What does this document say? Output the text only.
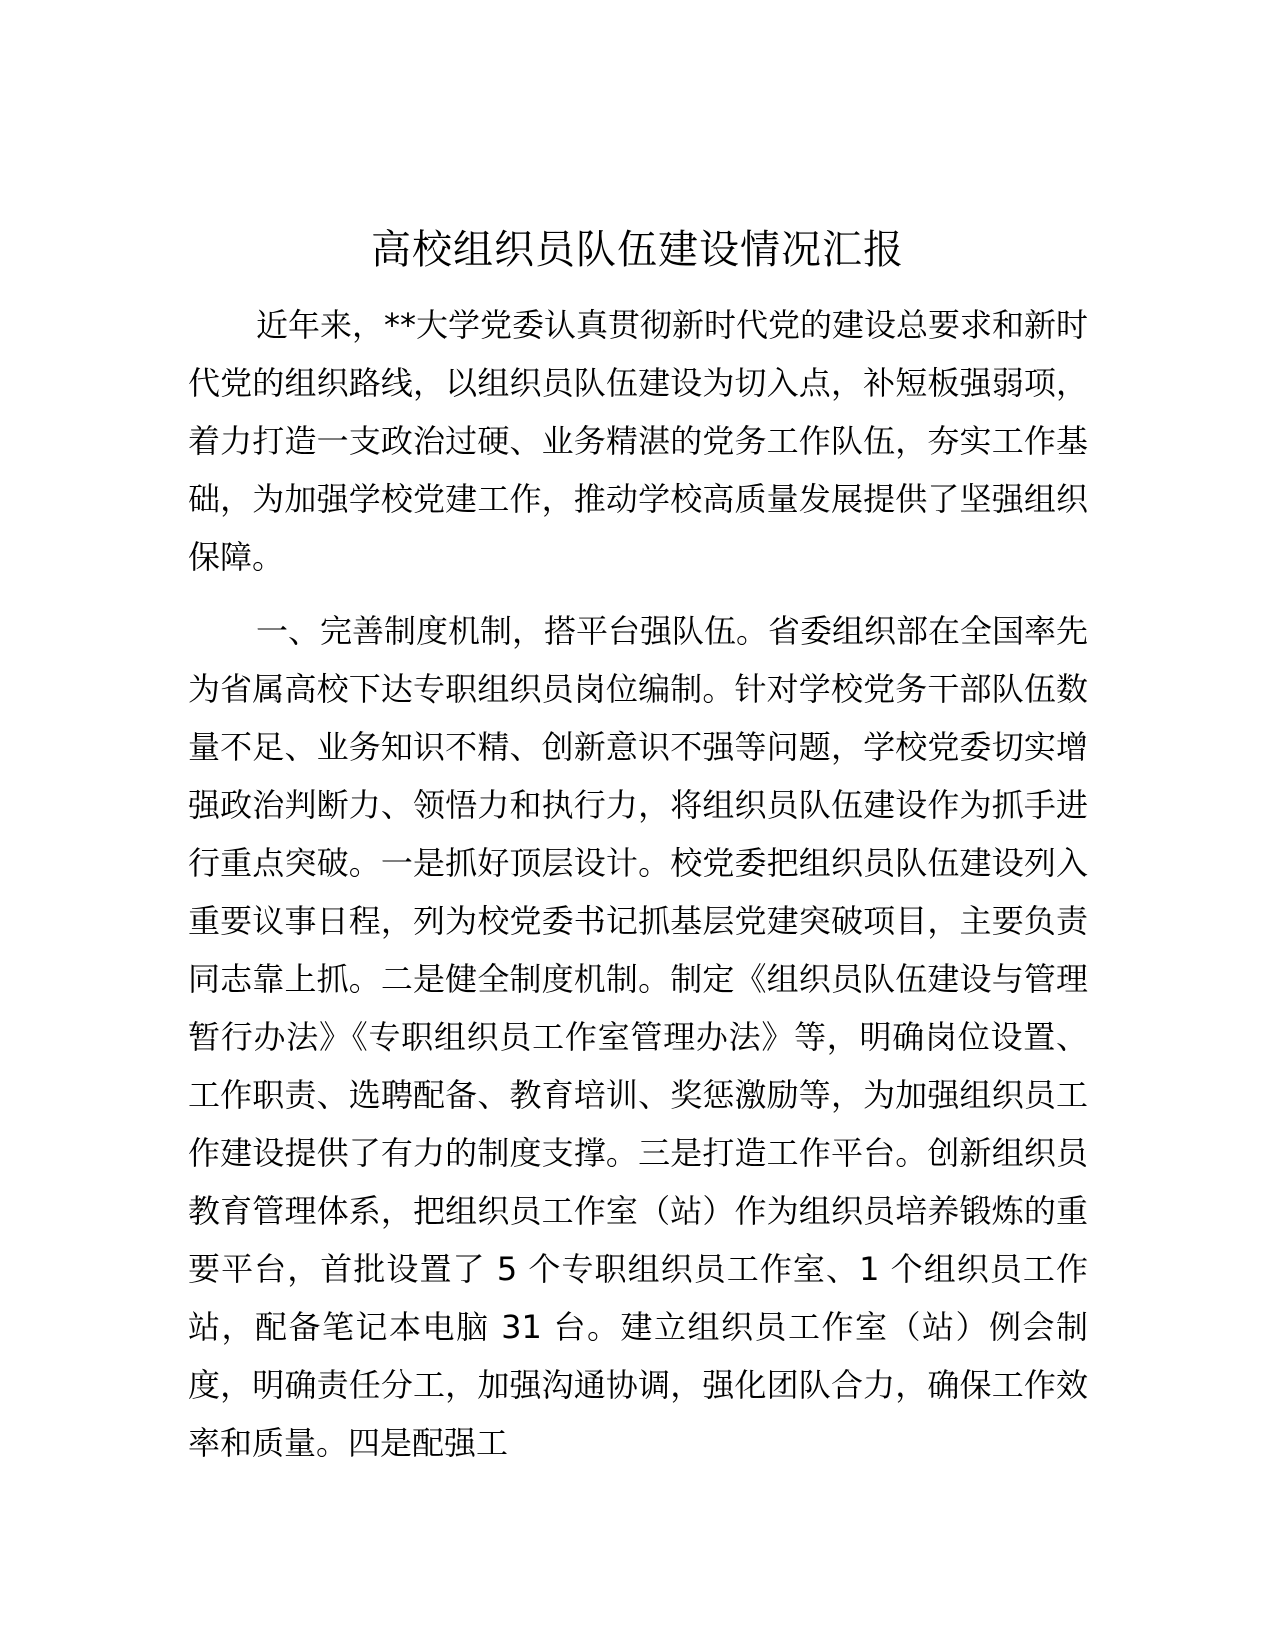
高校组织员队伍建设情况汇报

近年来，**大学党委认真贯彻新时代党的建设总要求和新时代党的组织路线，以组织员队伍建设为切入点，补短板强弱项，着力打造一支政治过硬、业务精湛的党务工作队伍，夯实工作基础，为加强学校党建工作，推动学校高质量发展提供了坚强组织保障。

一、完善制度机制，搭平台强队伍。省委组织部在全国率先为省属高校下达专职组织员岗位编制。针对学校党务干部队伍数量不足、业务知识不精、创新意识不强等问题，学校党委切实增强政治判断力、领悟力和执行力，将组织员队伍建设作为抓手进行重点突破。一是抓好顶层设计。校党委把组织员队伍建设列入重要议事日程，列为校党委书记抓基层党建突破项目，主要负责同志靠上抓。二是健全制度机制。制定《组织员队伍建设与管理暂行办法》《专职组织员工作室管理办法》等，明确岗位设置、工作职责、选聘配备、教育培训、奖惩激励等，为加强组织员工作建设提供了有力的制度支撑。三是打造工作平台。创新组织员教育管理体系，把组织员工作室（站）作为组织员培养锻炼的重要平台，首批设置了 5 个专职组织员工作室、1 个组织员工作站，配备笔记本电脑 31 台。建立组织员工作室（站）例会制度，明确责任分工，加强沟通协调，强化团队合力，确保工作效率和质量。四是配强工
